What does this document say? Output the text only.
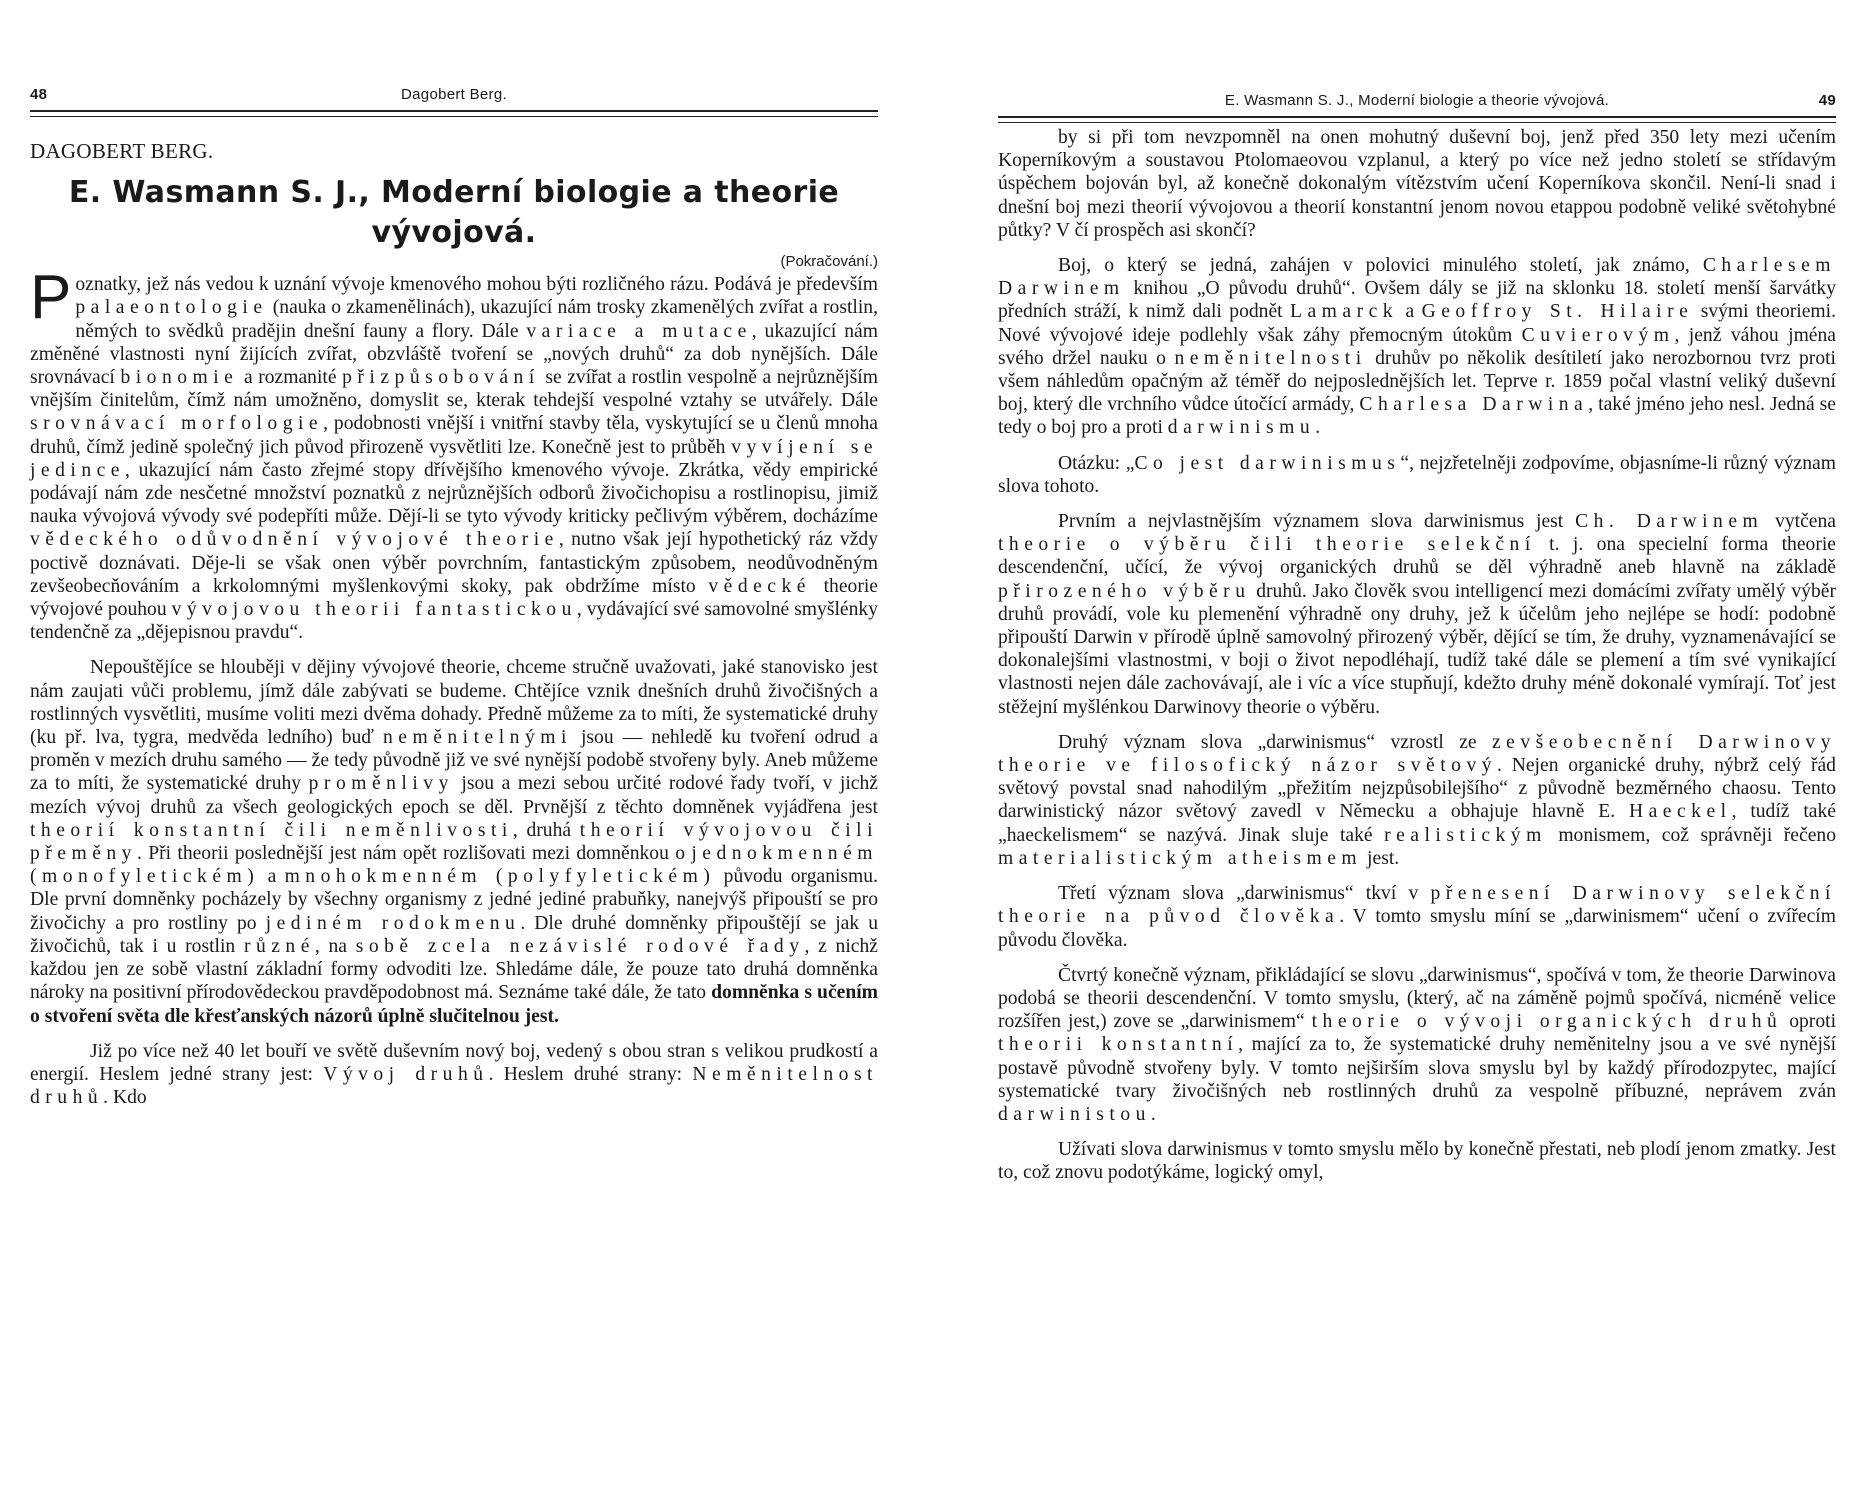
48	Dagobert Berg.
DAGOBERT BERG.
E. Wasmann S. J., Moderní biologie a theorie vývojová.
(Pokračování.)

Poznatky, jež nás vedou k uznání vývoje kmenového mohou býti rozličného rázu. Podává je především palaeontologie (nauka o zkamenělinách), ukazující nám trosky zkamenělých zvířat a rostlin, němých to svědků pradějin dnešní fauny a flory. Dále variace a mutace, ukazující nám změněné vlastnosti nyní žijících zvířat, obzvláště tvoření se „nových druhů“ za dob nynějších. Dále srovnávací bionomie a rozmanité přizpůsobování se zvířat a rostlin vespolně a nejrůznějším vnějším činitelům, čímž nám umožněno, domyslit se, kterak tehdejší vespolné vztahy se utvářely. Dále srovnávací morfologie, podobnosti vnější i vnitřní stavby těla, vyskytující se u členů mnoha druhů, čímž jedině společný jich původ přirozeně vysvětliti lze. Konečně jest to průběh vyvíjení se jedince, ukazující nám často zřejmé stopy dřívějšího kmenového vývoje. Zkrátka, vědy empirické podávají nám zde nesčetné množství poznatků z nejrůznějších odborů živočichopisu a rostlinopisu, jimiž nauka vývojová vývody své podepříti může. Dějí-li se tyto vývody kriticky pečlivým výběrem, docházíme vědeckého odůvodnění vývojové theorie, nutno však její hypothetický ráz vždy poctivě doznávati. Děje-li se však onen výběr povrchním, fantastickým způsobem, neodůvodněným zevšeobecňováním a krkolomnými myšlenkovými skoky, pak obdržíme místo vědecké theorie vývojové pouhou vývojovou theorii fantastickou, vydávající své samovolné smyšlénky tendenčně za „dějepisnou pravdu“.

Nepouštějíce se hlouběji v dějiny vývojové theorie, chceme stručně uvažovati, jaké stanovisko jest nám zaujati vůči problemu, jímž dále zabývati se budeme. Chtějíce vznik dnešních druhů živočišných a rostlinných vysvětliti, musíme voliti mezi dvěma dohady. Předně můžeme za to míti, že systematické druhy (ku př. lva, tygra, medvěda ledního) buď neměnitelnými jsou — nehledě ku tvoření odrud a proměn v mezích druhu samého — že tedy původně již ve své nynější podobě stvořeny byly. Aneb můžeme za to míti, že systematické druhy proměnlivy jsou a mezi sebou určité rodové řady tvoří, v jichž mezích vývoj druhů za všech geologických epoch se děl. Prvnější z těchto domněnek vyjádřena jest theorií konstantní čili neměnlivosti, druhá theorií vývojovou čili přeměny. Při theorii poslednější jest nám opět rozlišovati mezi domněnkou o jednokmenném (monofyletickém) a mnohokmenném (polyfyletickém) původu organismu. Dle první domněnky pocházely by všechny organismy z jedné jediné prabuňky, nanejvýš připouští se pro živočichy a pro rostliny po jediném rodokmenu. Dle druhé domněnky připouštějí se jak u živočichů, tak i u rostlin různé, na sobě zcela nezávislé rodové řady, z nichž každou jen ze sobě vlastní základní formy odvoditi lze. Shledáme dále, že pouze tato druhá domněnka nároky na positivní přírodovědeckou pravděpodobnost má. Seznáme také dále, že tato domněnka s učením o stvoření světa dle křesťanských názorů úplně slučitelnou jest.

Již po více než 40 let bouří ve světě duševním nový boj, vedený s obou stran s velikou prudkostí a energií. Heslem jedné strany jest: Vývoj druhů. Heslem druhé strany: Neměnitelnost druhů. Kdo

E. Wasmann S. J., Moderní biologie a theorie vývojová.	49

by si při tom nevzpomněl na onen mohutný duševní boj, jenž před 350 lety mezi učením Koperníkovým a soustavou Ptolomaeovou vzplanul, a který po více než jedno století se střídavým úspěchem bojován byl, až konečně dokonalým vítězstvím učení Koperníkova skončil. Není-li snad i dnešní boj mezi theorií vývojovou a theorií konstantní jenom novou etappou podobně veliké světohybné půtky? V čí prospěch asi skončí?

Boj, o který se jedná, zahájen v polovici minulého století, jak známo, Charlesem Darwinem knihou „O původu druhů“. Ovšem dály se již na sklonku 18. století menší šarvátky předních stráží, k nimž dali podnět Lamarck a Geoffroy St. Hilaire svými theoriemi. Nové vývojové ideje podlehly však záhy přemocným útokům Cuvierovým, jenž váhou jména svého držel nauku o neměnitelnosti druhův po několik desítiletí jako nerozbornou tvrz proti všem náhledům opačným až téměř do nejposlednějších let. Teprve r. 1859 počal vlastní veliký duševní boj, který dle vrchního vůdce útočící armády, Charlesa Darwina, také jméno jeho nesl. Jedná se tedy o boj pro a proti darwinismu.

Otázku: „Co jest darwinismus“, nejzřetelněji zodpovíme, objasníme-li různý význam slova tohoto.

Prvním a nejvlastnějším významem slova darwinismus jest Ch. Darwinem vytčena theorie o výběru čili theorie selekční t. j. ona specielní forma theorie descendenční, učící, že vývoj organických druhů se děl výhradně aneb hlavně na základě přirozeného výběru druhů. Jako člověk svou intelligencí mezi domácími zvířaty umělý výběr druhů provádí, vole ku plemenění výhradně ony druhy, jež k účelům jeho nejlépe se hodí: podobně připouští Darwin v přírodě úplně samovolný přirozený výběr, dějící se tím, že druhy, vyznamenávající se dokonalejšími vlastnostmi, v boji o život nepodléhají, tudíž také dále se plemení a tím své vynikající vlastnosti nejen dále zachovávají, ale i víc a více stupňují, kdežto druhy méně dokonalé vymírají. Toť jest stěžejní myšlénkou Darwinovy theorie o výběru.

Druhý význam slova „darwinismus“ vzrostl ze zevšeobecnění Darwinovy theorie ve filosofický názor světový. Nejen organické druhy, nýbrž celý řád světový povstal snad nahodilým „přežitím nejzpůsobilejšího“ z původně bezměrného chaosu. Tento darwinistický názor světový zavedl v Německu a obhajuje hlavně E. Haeckel, tudíž také „haeckelismem“ se nazývá. Jinak sluje také realistickým monismem, což správněji řečeno materialistickým atheismem jest.

Třetí význam slova „darwinismus“ tkví v přenesení Darwinovy selekční theorie na původ člověka. V tomto smyslu míní se „darwinismem“ učení o zvířecím původu člověka.

Čtvrtý konečně význam, přikládající se slovu „darwinismus“, spočívá v tom, že theorie Darwinova podobá se theorii descendenční. V tomto smyslu, (který, ač na záměně pojmů spočívá, nicméně velice rozšířen jest,) zove se „darwinismem“ theorie o vývoji organických druhů oproti theorii konstantní, mající za to, že systematické druhy neměnitelny jsou a ve své nynější postavě původně stvořeny byly. V tomto nejširším slova smyslu byl by každý přírodozpytec, mající systematické tvary živočišných neb rostlinných druhů za vespolně příbuzné, neprávem zván darwinistou.

Užívati slova darwinismus v tomto smyslu mělo by konečně přestati, neb plodí jenom zmatky. Jest to, což znovu podotýkáme, logický omyl,
